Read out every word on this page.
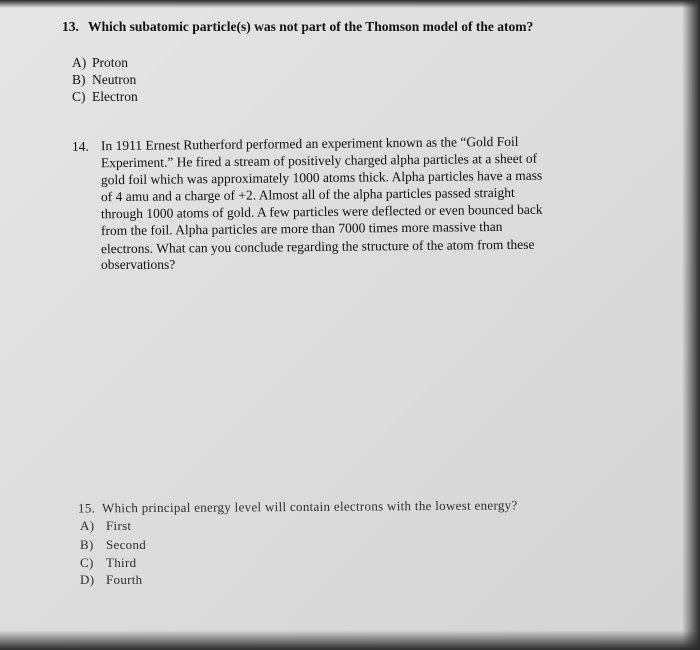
13. Which subatomic particle(s) was not part of the Thomson model of the atom?
A) Proton
B) Neutron
C) Electron
14. In 1911 Ernest Rutherford performed an experiment known as the “Gold Foil
Experiment.” He fired a stream of positively charged alpha particles at a sheet of
gold foil which was approximately 1000 atoms thick. Alpha particles have a mass
of 4 amu and a charge of +2. Almost all of the alpha particles passed straight
through 1000 atoms of gold. A few particles were deflected or even bounced back
from the foil. Alpha particles are more than 7000 times more massive than
electrons. What can you conclude regarding the structure of the atom from these
observations?
15. Which principal energy level will contain electrons with the lowest energy?
A) First
B) Second
C) Third
D) Fourth
